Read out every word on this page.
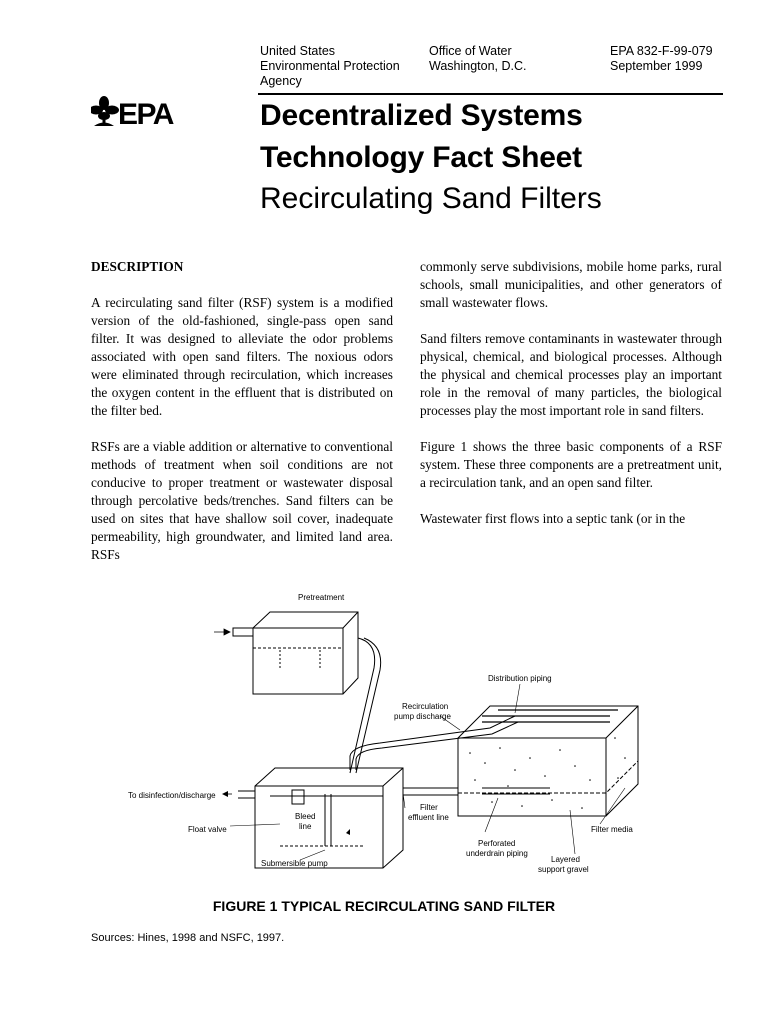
United States
Environmental Protection
Agency
Office of Water
Washington, D.C.
EPA 832-F-99-079
September 1999
EPA	Decentralized Systems
Technology Fact Sheet
Recirculating Sand Filters
DESCRIPTION

A recirculating sand filter (RSF) system is a modified version of the old-fashioned, single-pass open sand filter. It was designed to alleviate the odor problems associated with open sand filters. The noxious odors were eliminated through recirculation, which increases the oxygen content in the effluent that is distributed on the filter bed.

RSFs are a viable addition or alternative to conventional methods of treatment when soil conditions are not conducive to proper treatment or wastewater disposal through percolative beds/trenches. Sand filters can be used on sites that have shallow soil cover, inadequate permeability, high groundwater, and limited land area. RSFs

commonly serve subdivisions, mobile home parks, rural schools, small municipalities, and other generators of small wastewater flows.

Sand filters remove contaminants in wastewater through physical, chemical, and biological processes. Although the physical and chemical processes play an important role in the removal of many particles, the biological processes play the most important role in sand filters.

Figure 1 shows the three basic components of a RSF system. These three components are a pretreatment unit, a recirculation tank, and an open sand filter.

Wastewater first flows into a septic tank (or in the

Pretreatment
Distribution piping
Recirculation
pump discharge
To disinfection/discharge
Float valve
Bleed
line
Filter
effluent line
Filter media
Perforated
underdrain piping
Layered
support gravel
Submersible pump
FIGURE 1 TYPICAL RECIRCULATING SAND FILTER
Sources: Hines, 1998 and NSFC, 1997.
